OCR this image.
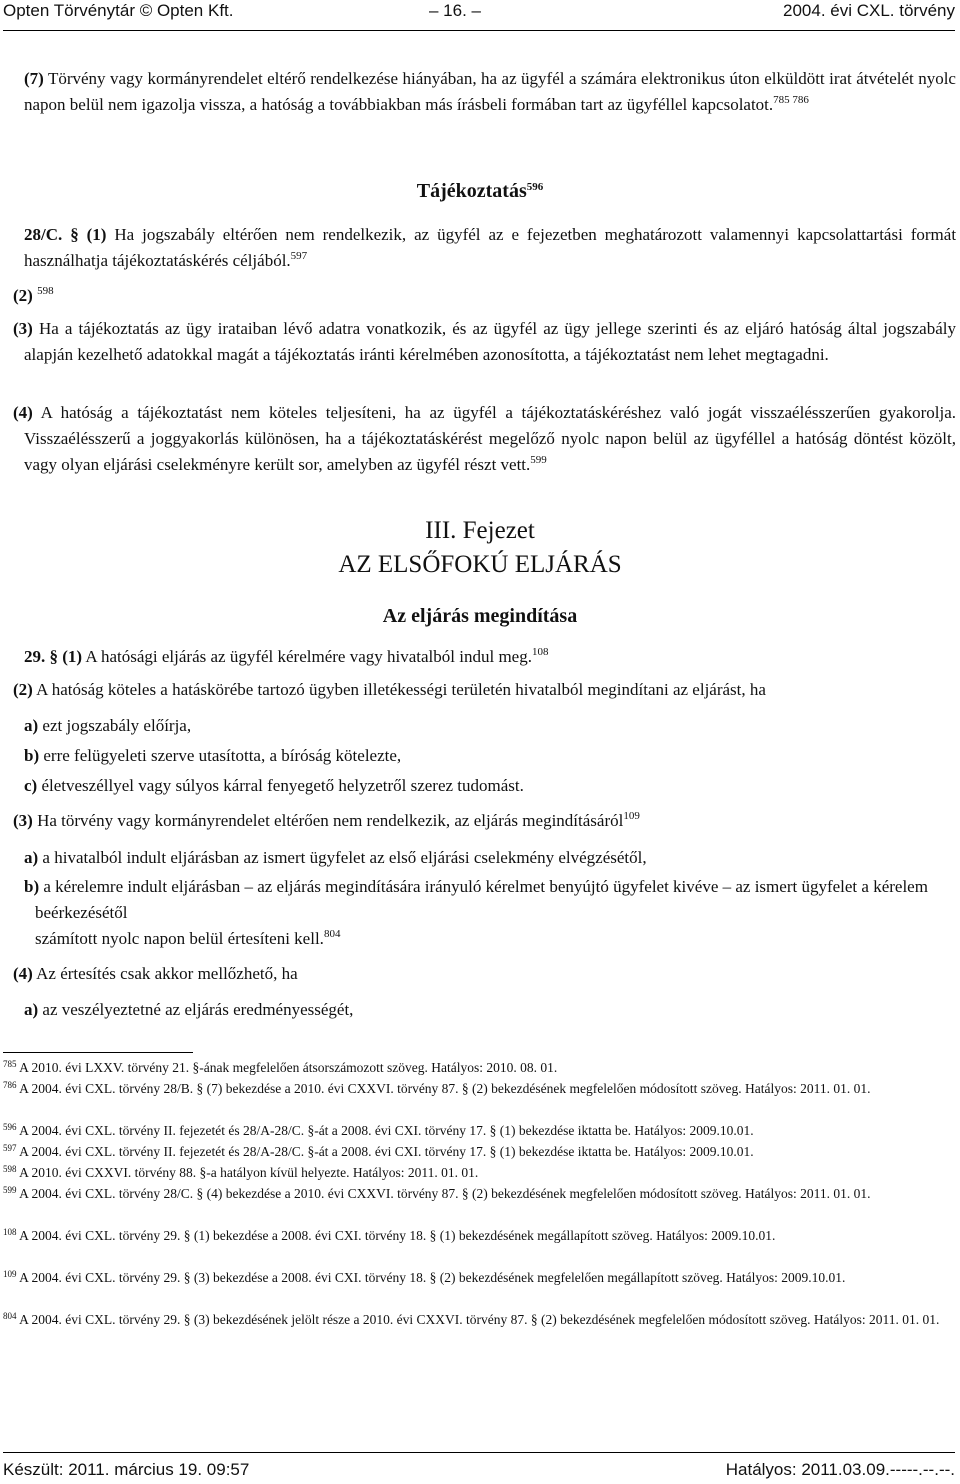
Opten Törvénytár © Opten Kft.	– 16. –	2004. évi CXL. törvény
(7) Törvény vagy kormányrendelet eltérő rendelkezése hiányában, ha az ügyfél a számára elektronikus úton elküldött irat átvételét nyolc napon belül nem igazolja vissza, a hatóság a továbbiakban más írásbeli formában tart az ügyféllel kapcsolatot.$^{785 786}$
Tájékoztatás$^{596}$
28/C. § (1) Ha jogszabály eltérően nem rendelkezik, az ügyfél az e fejezetben meghatározott valamennyi kapcsolattartási formát használhatja tájékoztatáskérés céljából.$^{597}$
(2) $^{598}$
(3) Ha a tájékoztatás az ügy irataiban lévő adatra vonatkozik, és az ügyfél az ügy jellege szerinti és az eljáró hatóság által jogszabály alapján kezelhető adatokkal magát a tájékoztatás iránti kérelmében azonosította, a tájékoztatást nem lehet megtagadni.
(4) A hatóság a tájékoztatást nem köteles teljesíteni, ha az ügyfél a tájékoztatáskéréshez való jogát visszaélésszerűen gyakorolja. Visszaélésszerű a joggyakorlás különösen, ha a tájékoztatáskérést megelőző nyolc napon belül az ügyféllel a hatóság döntést közölt, vagy olyan eljárási cselekményre került sor, amelyben az ügyfél részt vett.$^{599}$
III. Fejezet
AZ ELSŐFOKÚ ELJÁRÁS
Az eljárás megindítása
29. § (1) A hatósági eljárás az ügyfél kérelmére vagy hivatalból indul meg.$^{108}$
(2) A hatóság köteles a hatáskörébe tartozó ügyben illetékességi területén hivatalból megindítani az eljárást, ha
a) ezt jogszabály előírja,
b) erre felügyeleti szerve utasította, a bíróság kötelezte,
c) életveszéllyel vagy súlyos kárral fenyegető helyzetről szerez tudomást.
(3) Ha törvény vagy kormányrendelet eltérően nem rendelkezik, az eljárás megindításáról$^{109}$
a) a hivatalból indult eljárásban az ismert ügyfelet az első eljárási cselekmény elvégzésétől,
b) a kérelemre indult eljárásban – az eljárás megindítására irányuló kérelmet benyújtó ügyfelet kivéve – az ismert ügyfelet a kérelem beérkezésétől
számított nyolc napon belül értesíteni kell.$^{804}$
(4) Az értesítés csak akkor mellőzhető, ha
a) az veszélyeztetné az eljárás eredményességét,
$^{785}$ A 2010. évi LXXV. törvény 21. §-ának megfelelően átsorszámozott szöveg. Hatályos: 2010. 08. 01.
$^{786}$ A 2004. évi CXL. törvény 28/B. § (7) bekezdése a 2010. évi CXXVI. törvény 87. § (2) bekezdésének megfelelően módosított szöveg. Hatályos: 2011. 01. 01.
$^{596}$ A 2004. évi CXL. törvény II. fejezetét és 28/A-28/C. §-át a 2008. évi CXI. törvény 17. § (1) bekezdése iktatta be. Hatályos: 2009.10.01.
$^{597}$ A 2004. évi CXL. törvény II. fejezetét és 28/A-28/C. §-át a 2008. évi CXI. törvény 17. § (1) bekezdése iktatta be. Hatályos: 2009.10.01.
$^{598}$ A 2010. évi CXXVI. törvény 88. §-a hatályon kívül helyezte. Hatályos: 2011. 01. 01.
$^{599}$ A 2004. évi CXL. törvény 28/C. § (4) bekezdése a 2010. évi CXXVI. törvény 87. § (2) bekezdésének megfelelően módosított szöveg. Hatályos: 2011. 01. 01.
$^{108}$ A 2004. évi CXL. törvény 29. § (1) bekezdése a 2008. évi CXI. törvény 18. § (1) bekezdésének megállapított szöveg. Hatályos: 2009.10.01.
$^{109}$ A 2004. évi CXL. törvény 29. § (3) bekezdése a 2008. évi CXI. törvény 18. § (2) bekezdésének megfelelően megállapított szöveg. Hatályos: 2009.10.01.
$^{804}$ A 2004. évi CXL. törvény 29. § (3) bekezdésének jelölt része a 2010. évi CXXVI. törvény 87. § (2) bekezdésének megfelelően módosított szöveg. Hatályos: 2011. 01. 01.
Készült: 2011. március 19. 09:57	Hatályos: 2011.03.09.-----.--.--.
